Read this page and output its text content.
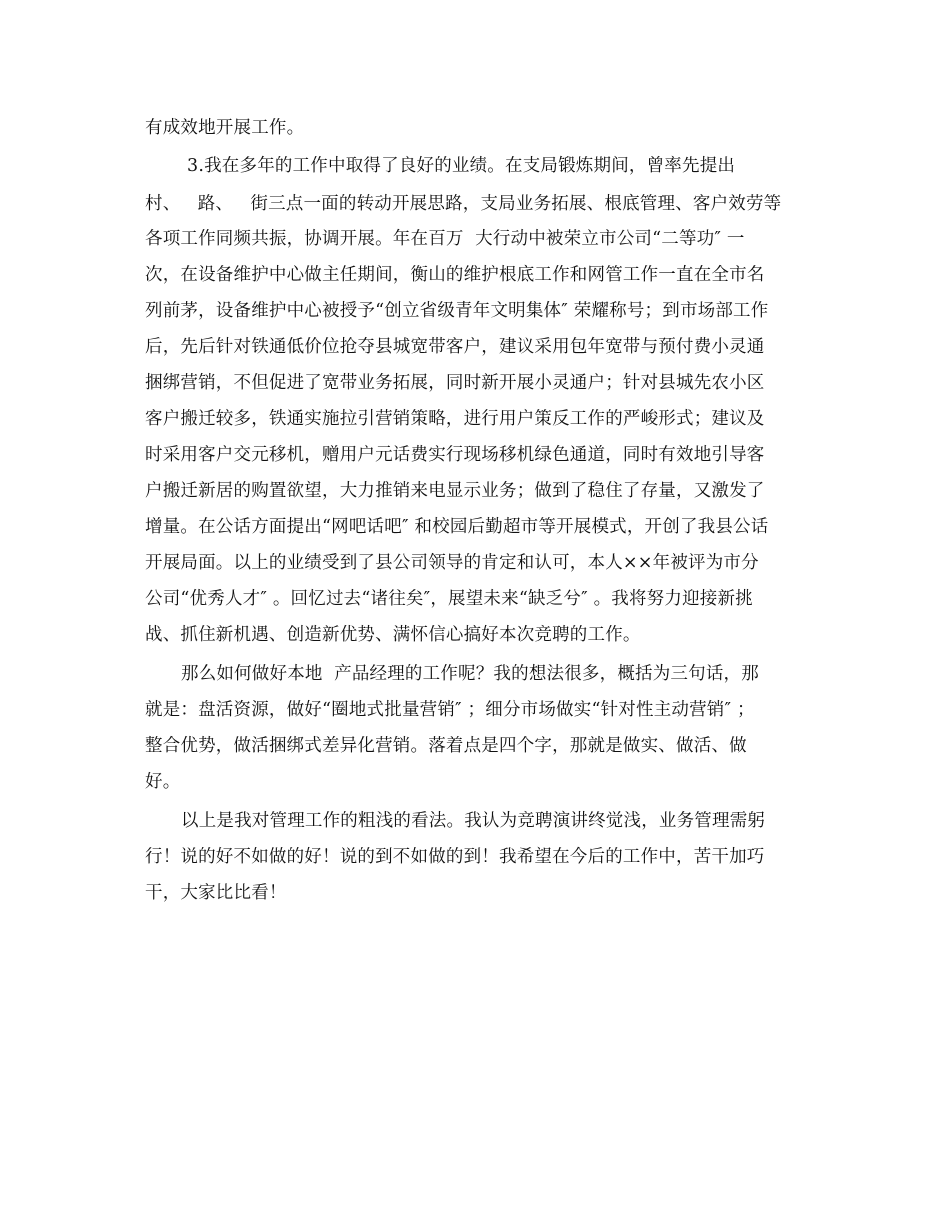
有成效地开展工作。
3.我在多年的工作中取得了良好的业绩。在支局锻炼期间，曾率先提出
村、   路、   街三点一面的转动开展思路，支局业务拓展、根底管理、客户效劳等
各项工作同频共振，协调开展。年在百万  大行动中被荣立市公司“二等功″ 一
次，在设备维护中心做主任期间，衡山的维护根底工作和网管工作一直在全市名
列前茅，设备维护中心被授予“创立省级青年文明集体″ 荣耀称号；到市场部工作
后，先后针对铁通低价位抢夺县城宽带客户，建议采用包年宽带与预付费小灵通
捆绑营销，不但促进了宽带业务拓展，同时新开展小灵通户；针对县城先农小区
客户搬迁较多，铁通实施拉引营销策略，进行用户策反工作的严峻形式；建议及
时采用客户交元移机，赠用户元话费实行现场移机绿色通道，同时有效地引导客
户搬迁新居的购置欲望，大力推销来电显示业务；做到了稳住了存量，又激发了
增量。在公话方面提出“网吧话吧″ 和校园后勤超市等开展模式，开创了我县公话
开展局面。以上的业绩受到了县公司领导的肯定和认可，本人××年被评为市分
公司“优秀人才″ 。回忆过去“诸往矣″，展望未来“缺乏兮″ 。我将努力迎接新挑
战、抓住新机遇、创造新优势、满怀信心搞好本次竞聘的工作。
那么如何做好本地  产品经理的工作呢？我的想法很多，概括为三句话，那
就是：盘活资源，做好“圈地式批量营销″ ；细分市场做实“针对性主动营销″ ；
整合优势，做活捆绑式差异化营销。落着点是四个字，那就是做实、做活、做
好。
以上是我对管理工作的粗浅的看法。我认为竞聘演讲终觉浅，业务管理需躬
行！说的好不如做的好！说的到不如做的到！我希望在今后的工作中，苦干加巧
干，大家比比看！
